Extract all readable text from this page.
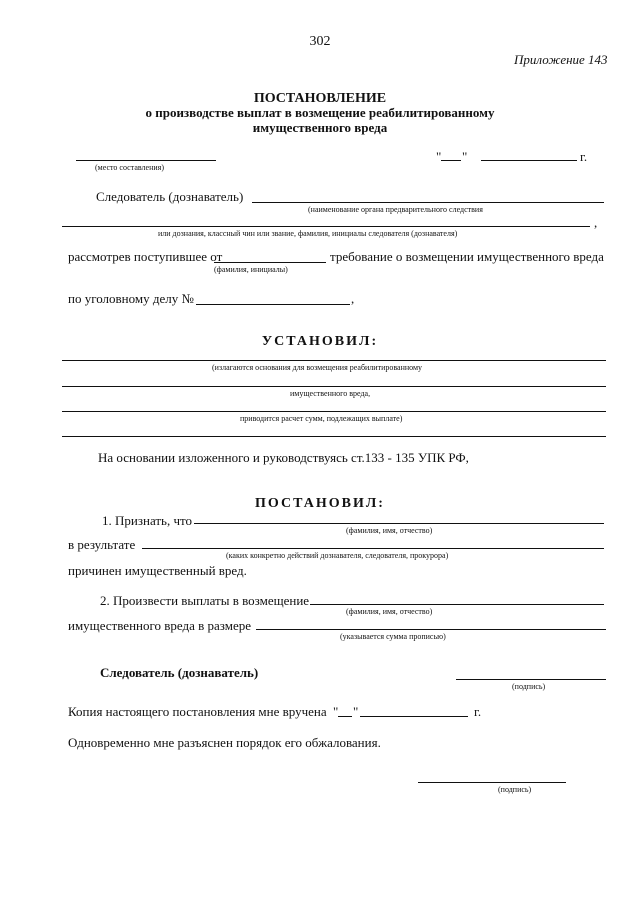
302
Приложение 143
ПОСТАНОВЛЕНИЕ
о производстве выплат в возмещение реабилитированному
имущественного вреда
(место составления)
" "	г.
Следователь (дознаватель)
(наименование органа предварительного следствия
,
или дознания, классный чин или звание, фамилия, инициалы следователя (дознавателя)
рассмотрев поступившее от	требование о возмещении имущественного вреда
(фамилия, инициалы)
по уголовному делу №	,
УСТАНОВИЛ:
(излагаются основания для возмещения реабилитированному
имущественного вреда,
приводится расчет сумм, подлежащих выплате)
На основании изложенного и руководствуясь ст.133 - 135 УПК РФ,
ПОСТАНОВИЛ:
1. Признать, что
(фамилия, имя, отчество)
в результате
(каких конкретно действий дознавателя, следователя, прокурора)
причинен имущественный вред.
2. Произвести выплаты в возмещение
(фамилия, имя, отчество)
имущественного вреда в размере
(указывается сумма прописью)
Следователь (дознаватель)
(подпись)
Копия настоящего постановления мне вручена " "	г.
Одновременно мне разъяснен порядок его обжалования.
(подпись)
